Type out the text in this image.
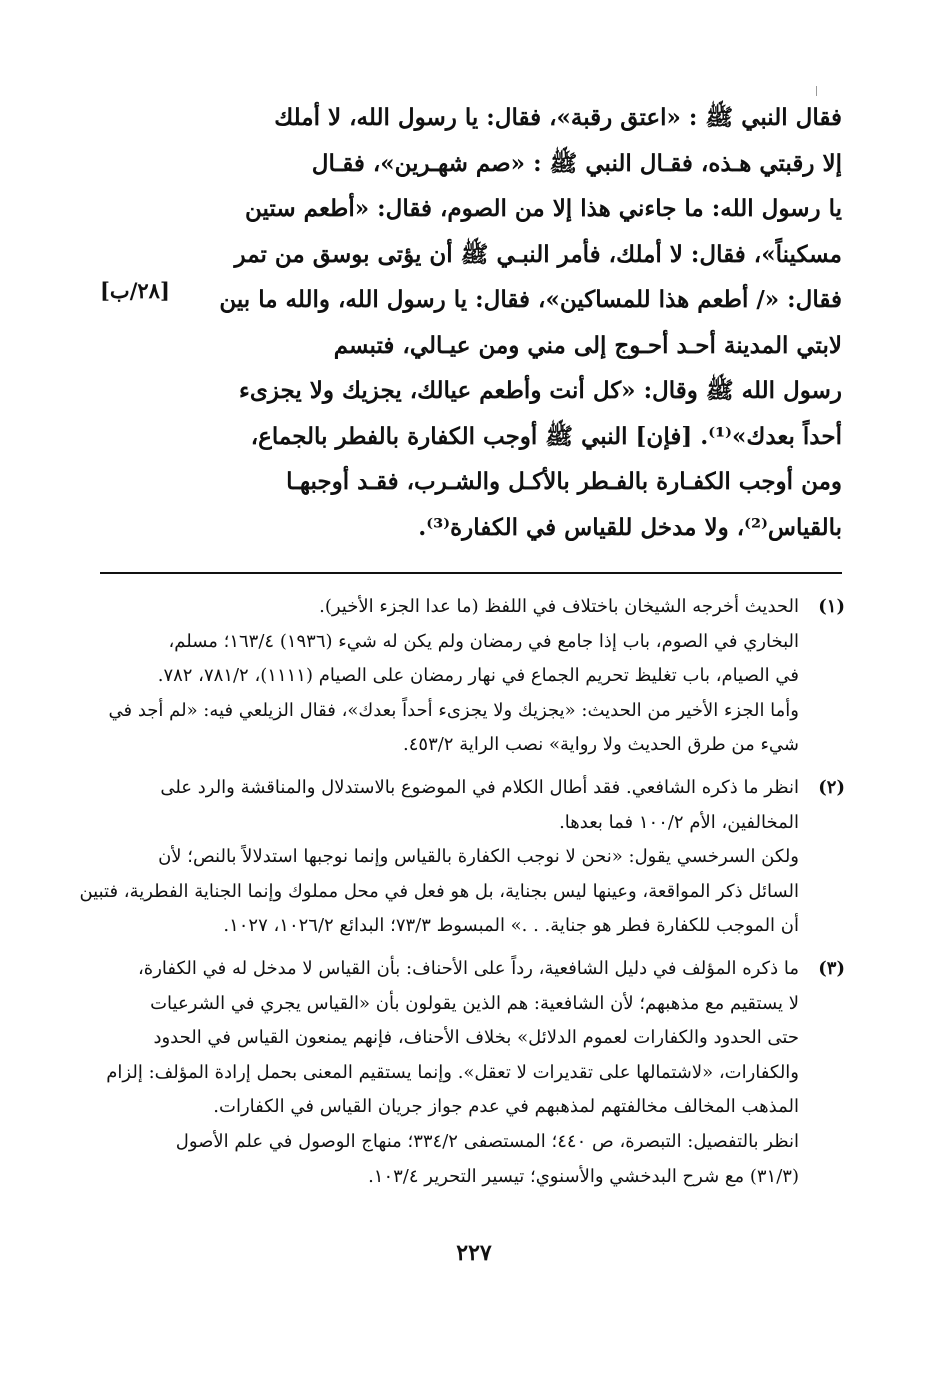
فقال النبي ﷺ : «اعتق رقبة»، فقال: يا رسول الله، لا أملك
إلا رقبتي هـذه، فقـال النبي ﷺ : «صم شهـرين»، فقـال
يا رسول الله: ما جاءني هذا إلا من الصوم، فقال: «أطعم ستين
مسكيناً»، فقال: لا أملك، فأمر النبـي ﷺ أن يؤتى بوسق من تمر
فقال: «/ أطعم هذا للمساكين»، فقال: يا رسول الله، والله ما بين
لابتي المدينة أحـد أحـوج إلى مني ومن عيـالي، فتبسم
رسول الله ﷺ وقال: «كل أنت وأطعم عيالك، يجزيك ولا يجزىء
أحداً بعدك»⁽¹⁾. [فإن] النبي ﷺ أوجب الكفارة بالفطر بالجماع،
ومن أوجب الكفـارة بالفـطر بالأكـل والشـرب، فقـد أوجبهـا
بالقياس⁽²⁾، ولا مدخل للقياس في الكفارة⁽³⁾.
[٢٨/ب]
(١)
الحديث أخرجه الشيخان باختلاف في اللفظ (ما عدا الجزء الأخير).
البخاري في الصوم، باب إذا جامع في رمضان ولم يكن له شيء (١٩٣٦) ١٦٣/٤؛ مسلم،
في الصيام، باب تغليظ تحريم الجماع في نهار رمضان على الصيام (١١١١)، ٧٨١/٢، ٧٨٢.
وأما الجزء الأخير من الحديث: «يجزيك ولا يجزىء أحداً بعدك»، فقال الزيلعي فيه: «لم أجد في
شيء من طرق الحديث ولا رواية» نصب الراية ٤٥٣/٢.
(٢)
انظر ما ذكره الشافعي. فقد أطال الكلام في الموضوع بالاستدلال والمناقشة والرد على
المخالفين، الأم ١٠٠/٢ فما بعدها.
ولكن السرخسي يقول: «نحن لا نوجب الكفارة بالقياس وإنما نوجبها استدلالاً بالنص؛ لأن
السائل ذكر المواقعة، وعينها ليس بجناية، بل هو فعل في محل مملوك وإنما الجناية الفطرية، فتبين
أن الموجب للكفارة فطر هو جناية. . .» المبسوط ٧٣/٣؛ البدائع ١٠٢٦/٢، ١٠٢٧.
(٣)
ما ذكره المؤلف في دليل الشافعية، رداً على الأحناف: بأن القياس لا مدخل له في الكفارة،
لا يستقيم مع مذهبهم؛ لأن الشافعية: هم الذين يقولون بأن «القياس يجري في الشرعيات
حتى الحدود والكفارات لعموم الدلائل» بخلاف الأحناف، فإنهم يمنعون القياس في الحدود
والكفارات، «لاشتمالها على تقديرات لا تعقل». وإنما يستقيم المعنى بحمل إرادة المؤلف: إلزام
المذهب المخالف مخالفتهم لمذهبهم في عدم جواز جريان القياس في الكفارات.
انظر بالتفصيل: التبصرة، ص ٤٤٠؛ المستصفى ٣٣٤/٢؛ منهاج الوصول في علم الأصول
(٣١/٣) مع شرح البدخشي والأسنوي؛ تيسير التحرير ١٠٣/٤.
٢٢٧
